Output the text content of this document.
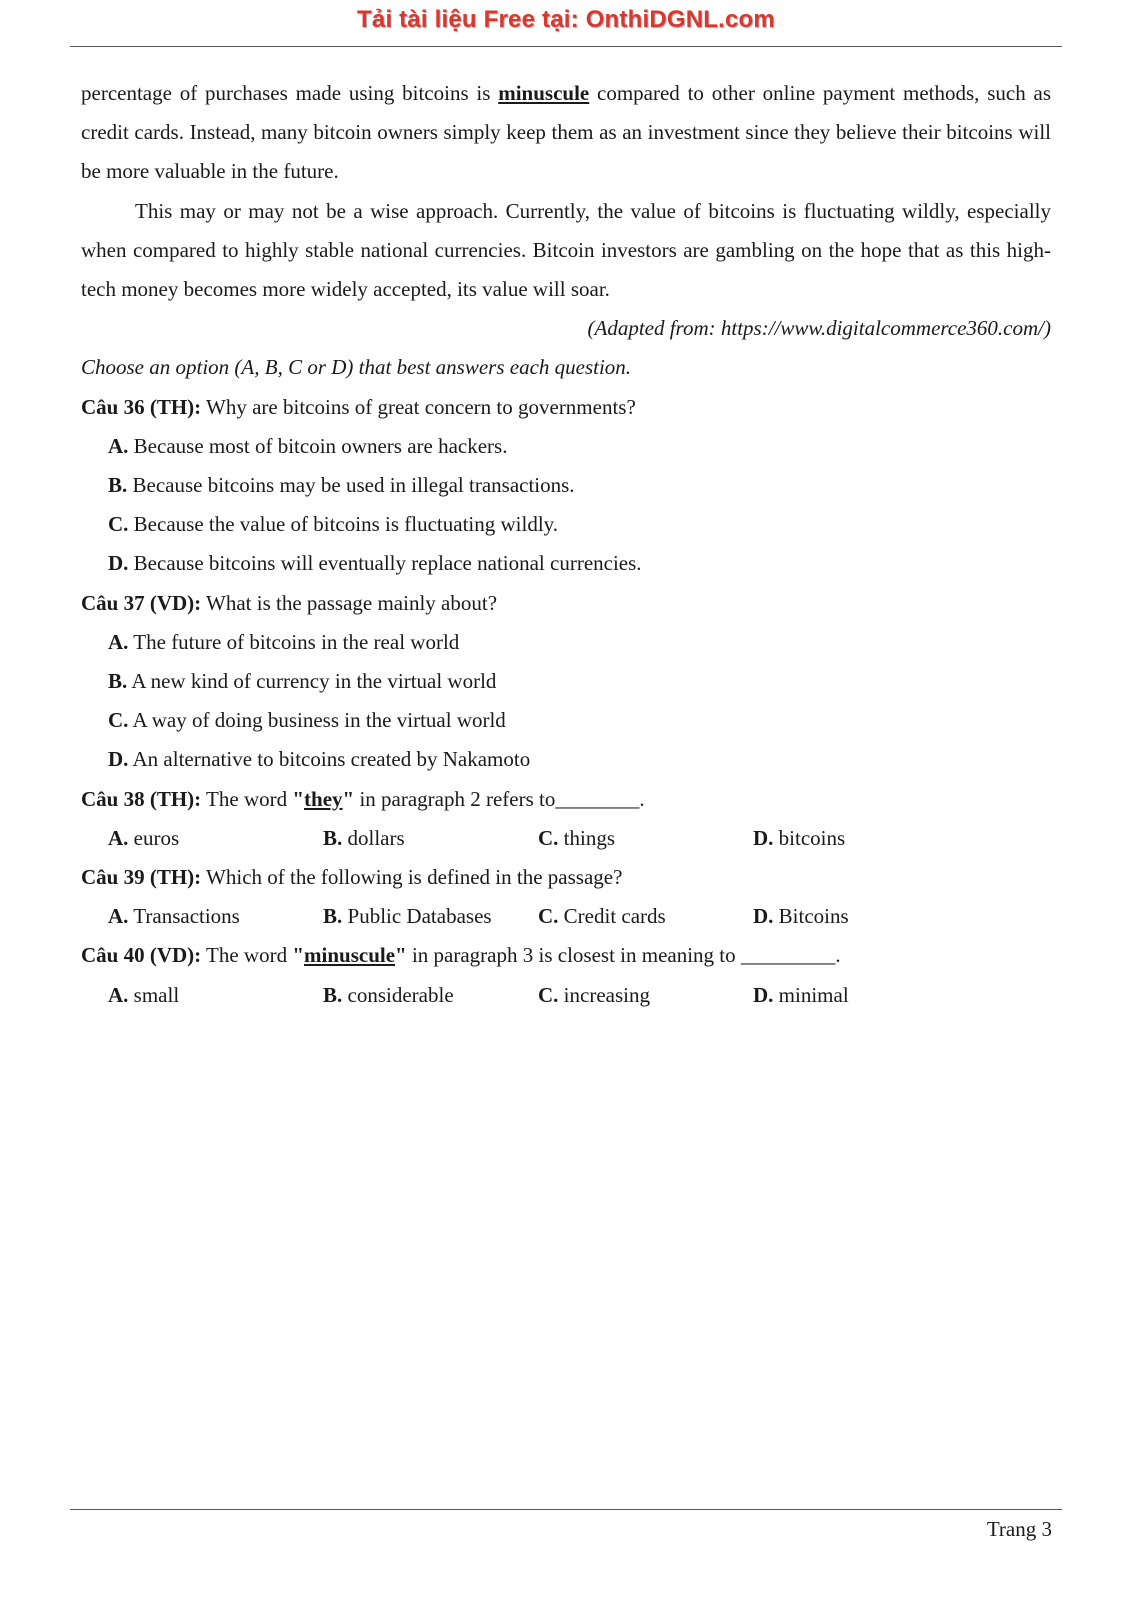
Tải tài liệu Free tại: OnthiDGNL.com

percentage of purchases made using bitcoins is minuscule compared to other online payment methods, such as credit cards. Instead, many bitcoin owners simply keep them as an investment since they believe their bitcoins will be more valuable in the future.

This may or may not be a wise approach. Currently, the value of bitcoins is fluctuating wildly, especially when compared to highly stable national currencies. Bitcoin investors are gambling on the hope that as this high-tech money becomes more widely accepted, its value will soar.

(Adapted from: https://www.digitalcommerce360.com/)

Choose an option (A, B, C or D) that best answers each question.

Câu 36 (TH): Why are bitcoins of great concern to governments?

A. Because most of bitcoin owners are hackers.

B. Because bitcoins may be used in illegal transactions.

C. Because the value of bitcoins is fluctuating wildly.

D. Because bitcoins will eventually replace national currencies.

Câu 37 (VD): What is the passage mainly about?

A. The future of bitcoins in the real world

B. A new kind of currency in the virtual world

C. A way of doing business in the virtual world

D. An alternative to bitcoins created by Nakamoto

Câu 38 (TH): The word "they" in paragraph 2 refers to________.

A. euros	B. dollars	C. things	D. bitcoins

Câu 39 (TH): Which of the following is defined in the passage?

A. Transactions	B. Public Databases	C. Credit cards	D. Bitcoins

Câu 40 (VD): The word "minuscule" in paragraph 3 is closest in meaning to _________.

A. small	B. considerable	C. increasing	D. minimal
Trang 3
